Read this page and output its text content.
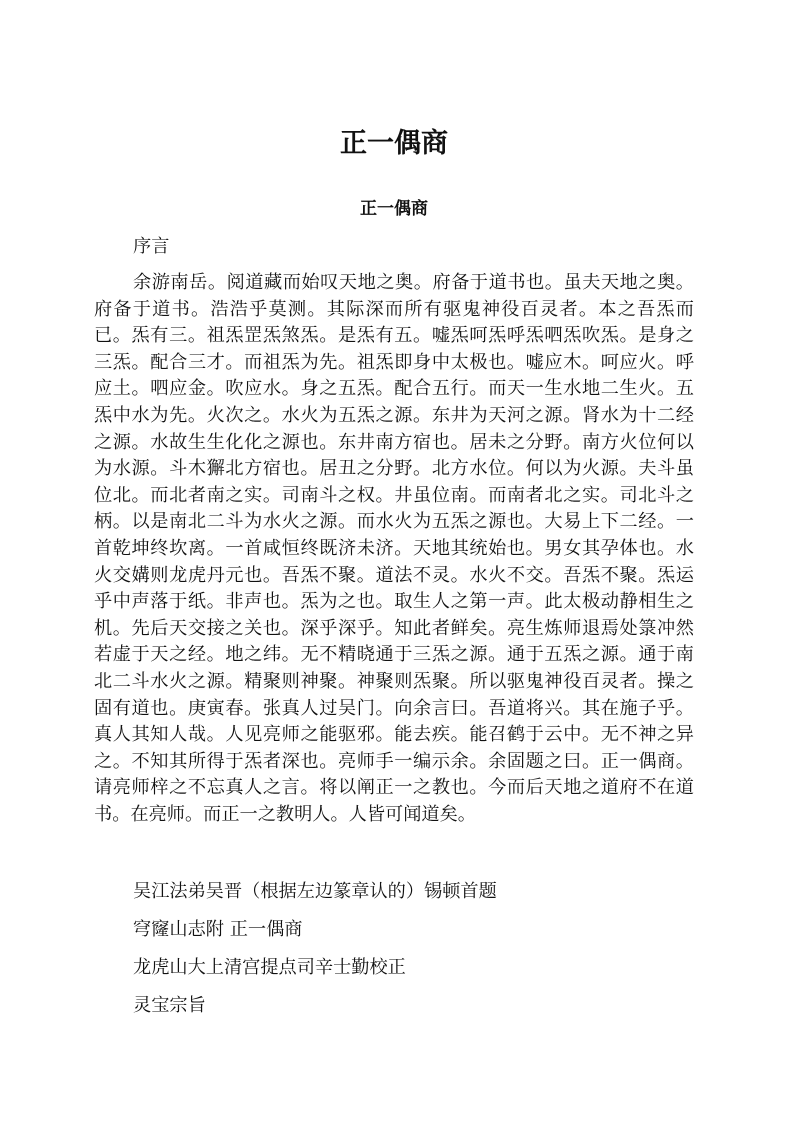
正一偶商
正一偶商

序言

余游南岳。阅道藏而始叹天地之奥。府备于道书也。虽夫天地之奥。府备于道书。浩浩乎莫测。其际深而所有驱鬼神役百灵者。本之吾炁而已。炁有三。祖炁罡炁煞炁。是炁有五。嘘炁呵炁呼炁呬炁吹炁。是身之三炁。配合三才。而祖炁为先。祖炁即身中太极也。嘘应木。呵应火。呼应土。呬应金。吹应水。身之五炁。配合五行。而天一生水地二生火。五炁中水为先。火次之。水火为五炁之源。东井为天河之源。肾水为十二经之源。水故生生化化之源也。东井南方宿也。居未之分野。南方火位何以为水源。斗木獬北方宿也。居丑之分野。北方水位。何以为火源。夫斗虽位北。而北者南之实。司南斗之权。井虽位南。而南者北之实。司北斗之柄。以是南北二斗为水火之源。而水火为五炁之源也。大易上下二经。一首乾坤终坎离。一首咸恒终既济未济。天地其统始也。男女其孕体也。水火交媾则龙虎丹元也。吾炁不聚。道法不灵。水火不交。吾炁不聚。炁运乎中声落于纸。非声也。炁为之也。取生人之第一声。此太极动静相生之机。先后天交接之关也。深乎深乎。知此者鲜矣。亮生炼师退焉处箓冲然若虚于天之经。地之纬。无不精晓通于三炁之源。通于五炁之源。通于南北二斗水火之源。精聚则神聚。神聚则炁聚。所以驱鬼神役百灵者。操之固有道也。庚寅春。张真人过吴门。向余言曰。吾道将兴。其在施子乎。真人其知人哉。人见亮师之能驱邪。能去疾。能召鹤于云中。无不神之异之。不知其所得于炁者深也。亮师手一编示余。余固题之曰。正一偶商。请亮师梓之不忘真人之言。将以阐正一之教也。今而后天地之道府不在道书。在亮师。而正一之教明人。人皆可闻道矣。

吴江法弟吴晋（根据左边篆章认的）锡顿首题

穹窿山志附 正一偶商

龙虎山大上清宫提点司辛士勤校正

灵宝宗旨
